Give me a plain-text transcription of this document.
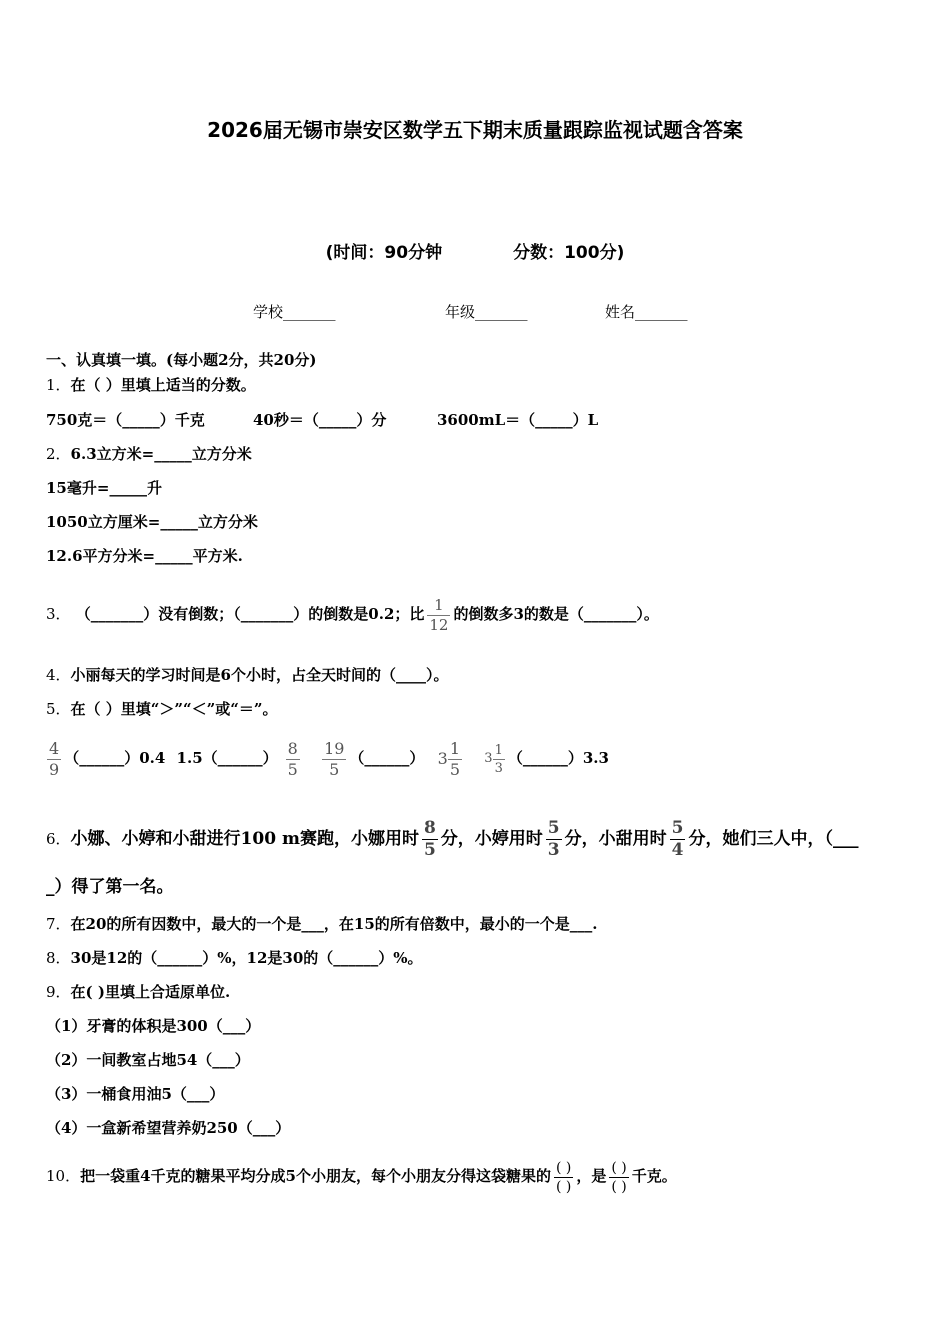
2026届无锡市崇安区数学五下期末质量跟踪监视试题含答案
(时间：90分钟            分数：100分)
学校_______	年级_______	姓名_______
一、认真填一填。(每小题2分，共20分)
1．在（ ）里填上适当的分数。
750克＝（_____）千克	40秒＝（_____）分	3600mL＝（_____）L
2．6.3立方米=_____立方分米
15毫升=_____升
1050立方厘米=_____立方分米
12.6平方分米=_____平方米.
3． （_______）没有倒数；（_______）的倒数是0.2；比 $\frac{1}{12}$ 的倒数多3的数是（_______）。
4．小丽每天的学习时间是6个小时，占全天时间的（____）。
5．在（ ）里填“＞”“＜”或“＝”。
$\frac{4}{9}$ （______）0.4 1.5（______） $\frac{8}{5}$
$\frac{19}{5}$ （______） $3 \frac{1}{5} 3 \frac{1}{3}$ （______）3.3
6．小娜、小婷和小甜进行100 m赛跑，小娜用时 $\frac{8}{5}$ 分，小婷用时 $\frac{5}{3}$ 分，小甜用时 $\frac{5}{4}$ 分，她们三人中，（___
_）得了第一名。
7．在20的所有因数中，最大的一个是___，在15的所有倍数中，最小的一个是___.
8．30是12的（______）%，12是30的（______）%。
9．在( )里填上合适原单位.
（1）牙膏的体积是300（___）
（2）一间教室占地54（___）
（3）一桶食用油5（___）
（4）一盒新希望营养奶250（___）
10．把一袋重4千克的糖果平均分成5个小朋友，每个小朋友分得这袋糖果的 $\frac{( )}{( )}$ ，是 $\frac{( )}{( )}$ 千克。
